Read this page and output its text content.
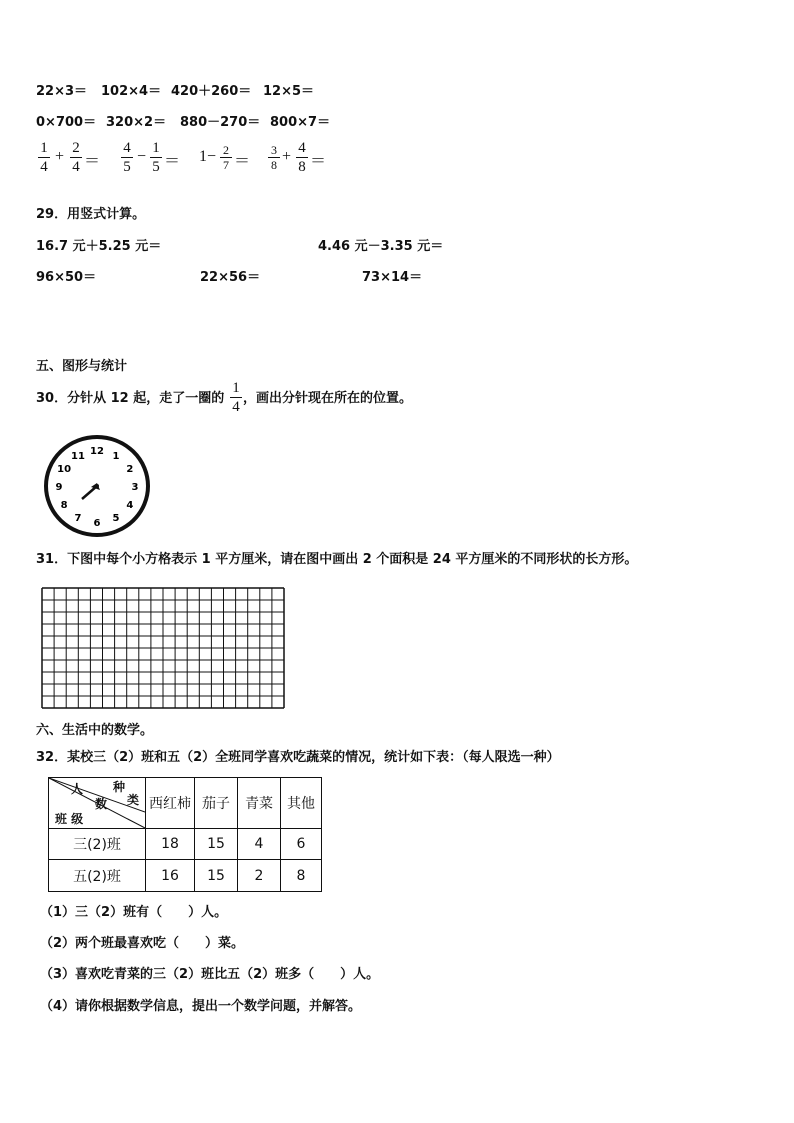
22×3＝ 102×4＝ 420＋260＝ 12×5＝
0×700＝ 320×2＝ 880－270＝ 800×7＝
1
4
+ 2
4 ＝
4
5
− 1
5 ＝ 1− 2
7 ＝
3
8 + 4
8 ＝
29．用竖式计算。
16.7 元＋5.25 元＝	4.46 元－3.35 元＝
96×50＝	22×56＝	73×14＝
五、图形与统计
30．分针从 12 起，走了一圈的
1
4
，画出分针现在所在的位置。
12 1
2
3
4
5
6
7
8
9
10
11
31．下图中每个小方格表示 1 平方厘米，请在图中画出 2 个面积是 24 平方厘米的不同形状的长方形。
六、生活中的数学。
32．某校三（2）班和五（2）全班同学喜欢吃蔬菜的情况，统计如下表：（每人限选一种）
人 种
类
数
班 级	西红柿	茄子	青菜	其他
三(2)班	18	15	4	6
五(2)班	16	15	2	8
（1）三（2）班有（　　）人。
（2）两个班最喜欢吃（　　）菜。
（3）喜欢吃青菜的三（2）班比五（2）班多（　　）人。
（4）请你根据数学信息，提出一个数学问题，并解答。
